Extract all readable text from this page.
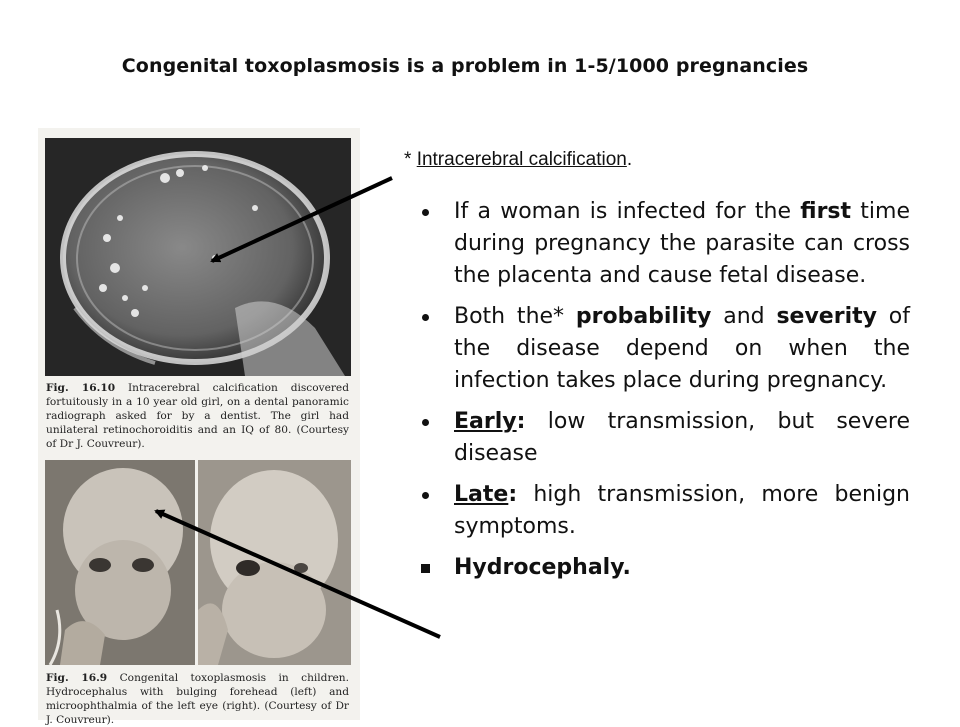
Congenital toxoplasmosis is a problem in 1-5/1000 pregnancies
Fig. 16.10 Intracerebral calcification discovered fortuitously in a 10 year old girl, on a dental panoramic radiograph asked for by a dentist. The girl had unilateral retinochoroiditis and an IQ of 80. (Courtesy of Dr J. Couvreur).
Fig. 16.9 Congenital toxoplasmosis in children. Hydrocephalus with bulging forehead (left) and microophthalmia of the left eye (right). (Courtesy of Dr J. Couvreur).
* Intracerebral calcification.
If a woman is infected for the first time during pregnancy the parasite can cross the placenta and cause fetal disease.
Both the* probability and severity of the disease depend on when the infection takes place during pregnancy.
Early: low transmission, but severe disease
Late: high transmission, more benign symptoms.
Hydrocephaly.
